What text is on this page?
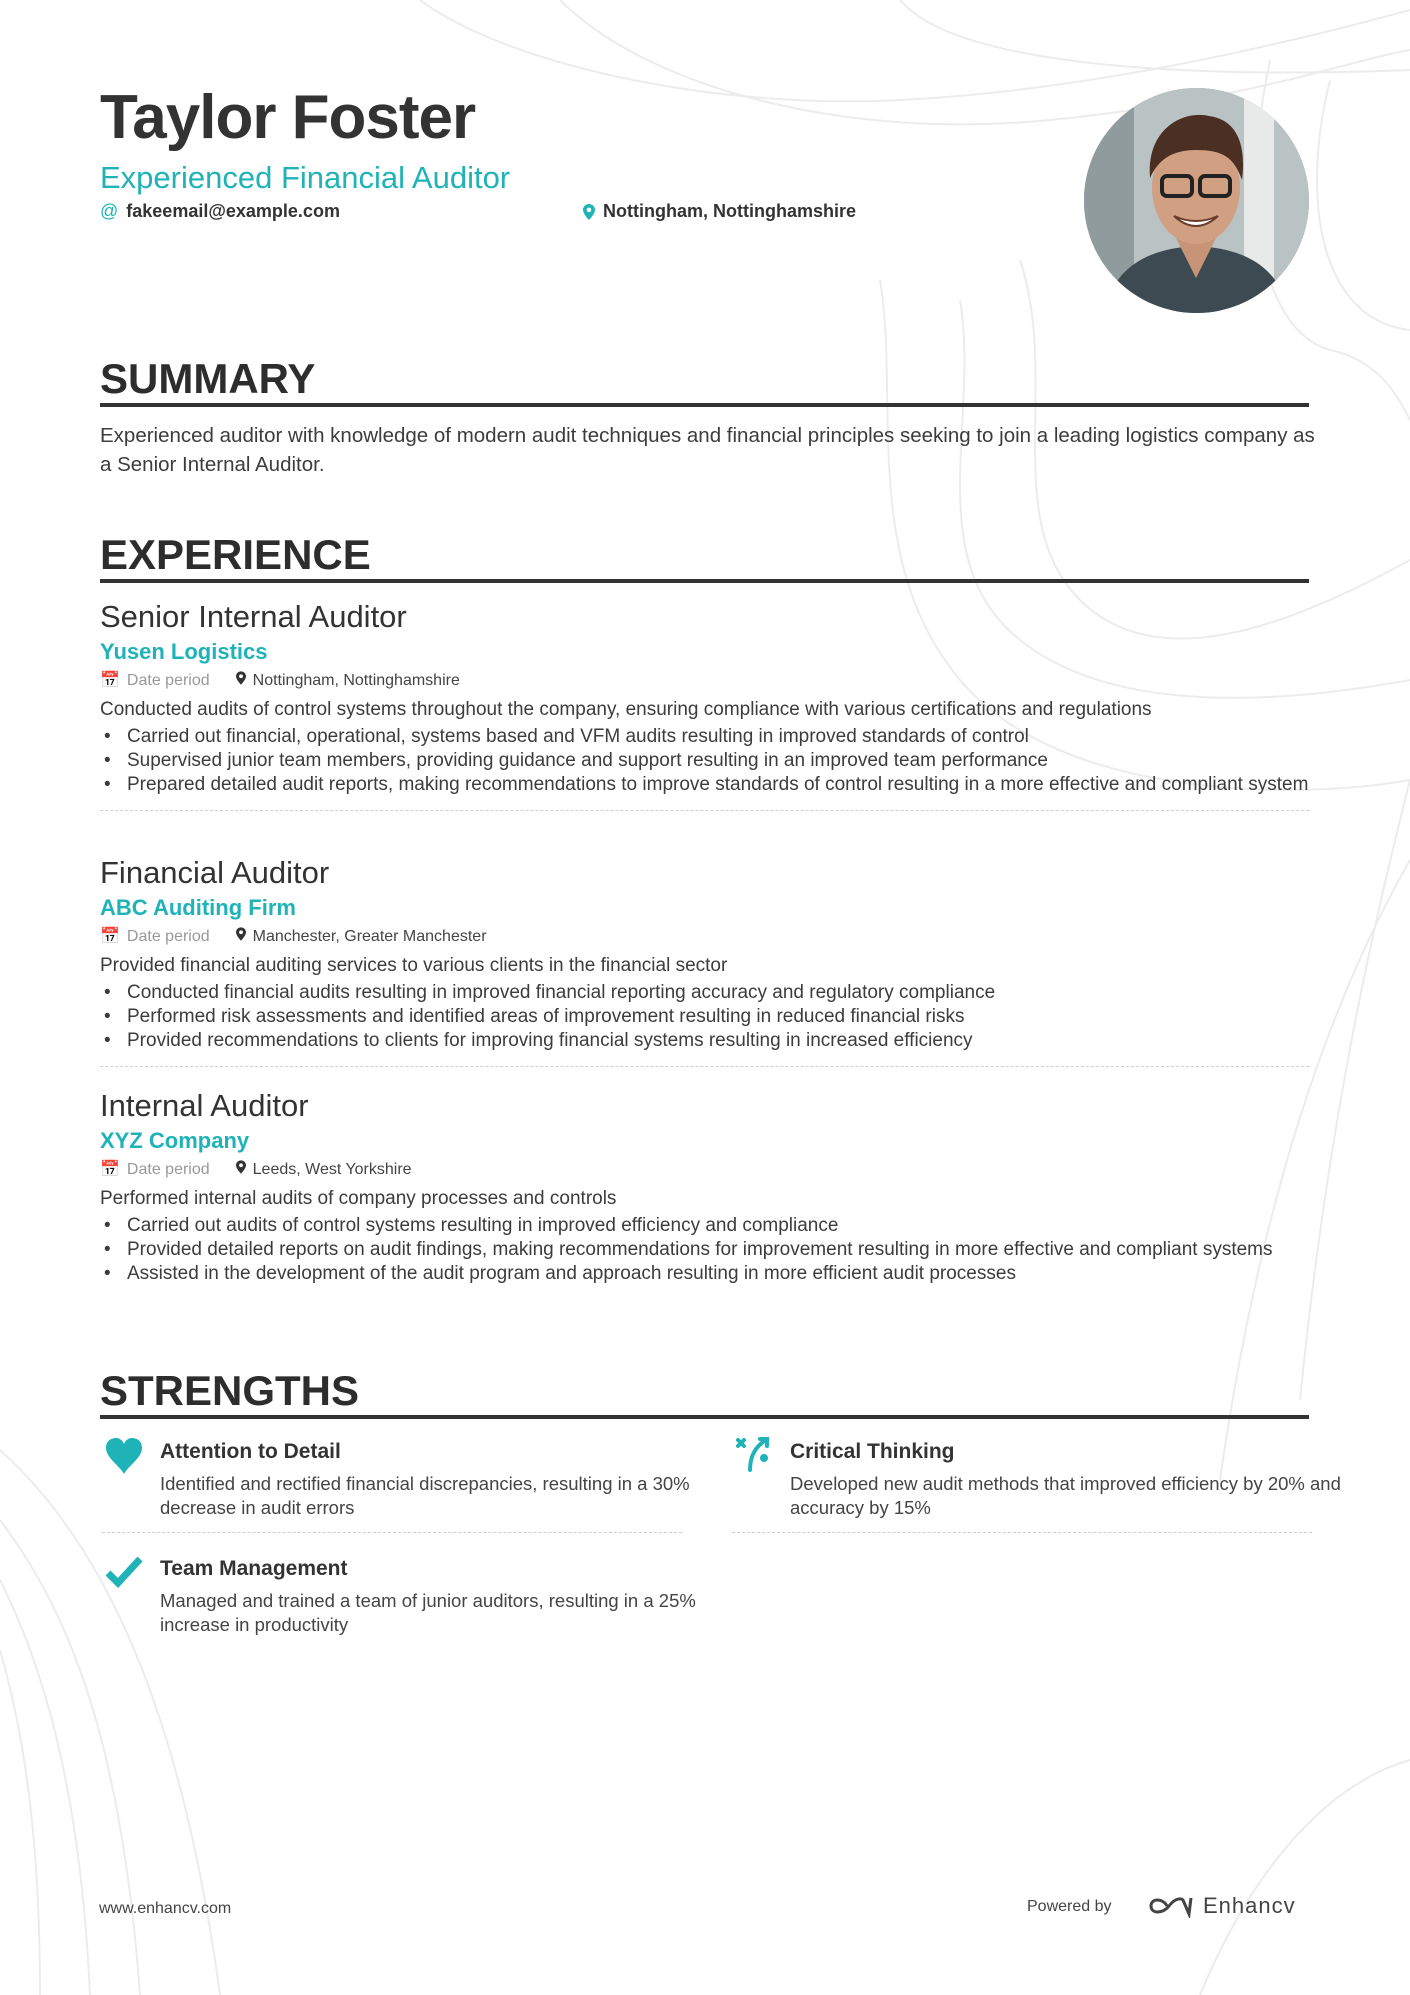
Taylor Foster
Experienced Financial Auditor
@ fakeemail@example.com	Nottingham, Nottinghamshire
SUMMARY
Experienced auditor with knowledge of modern audit techniques and financial principles seeking to join a leading logistics company as a Senior Internal Auditor.
EXPERIENCE
Senior Internal Auditor
Yusen Logistics
📅 Date period	Nottingham, Nottinghamshire
Conducted audits of control systems throughout the company, ensuring compliance with various certifications and regulations
• Carried out financial, operational, systems based and VFM audits resulting in improved standards of control
• Supervised junior team members, providing guidance and support resulting in an improved team performance
• Prepared detailed audit reports, making recommendations to improve standards of control resulting in a more effective and compliant system
Financial Auditor
ABC Auditing Firm
📅 Date period	Manchester, Greater Manchester
Provided financial auditing services to various clients in the financial sector
• Conducted financial audits resulting in improved financial reporting accuracy and regulatory compliance
• Performed risk assessments and identified areas of improvement resulting in reduced financial risks
• Provided recommendations to clients for improving financial systems resulting in increased efficiency
Internal Auditor
XYZ Company
📅 Date period	Leeds, West Yorkshire
Performed internal audits of company processes and controls
• Carried out audits of control systems resulting in improved efficiency and compliance
• Provided detailed reports on audit findings, making recommendations for improvement resulting in more effective and compliant systems
• Assisted in the development of the audit program and approach resulting in more efficient audit processes
STRENGTHS
Attention to Detail
Identified and rectified financial discrepancies, resulting in a 30% decrease in audit errors
Critical Thinking
Developed new audit methods that improved efficiency by 20% and accuracy by 15%
Team Management
Managed and trained a team of junior auditors, resulting in a 25% increase in productivity
www.enhancv.com	Powered by	Enhancv
